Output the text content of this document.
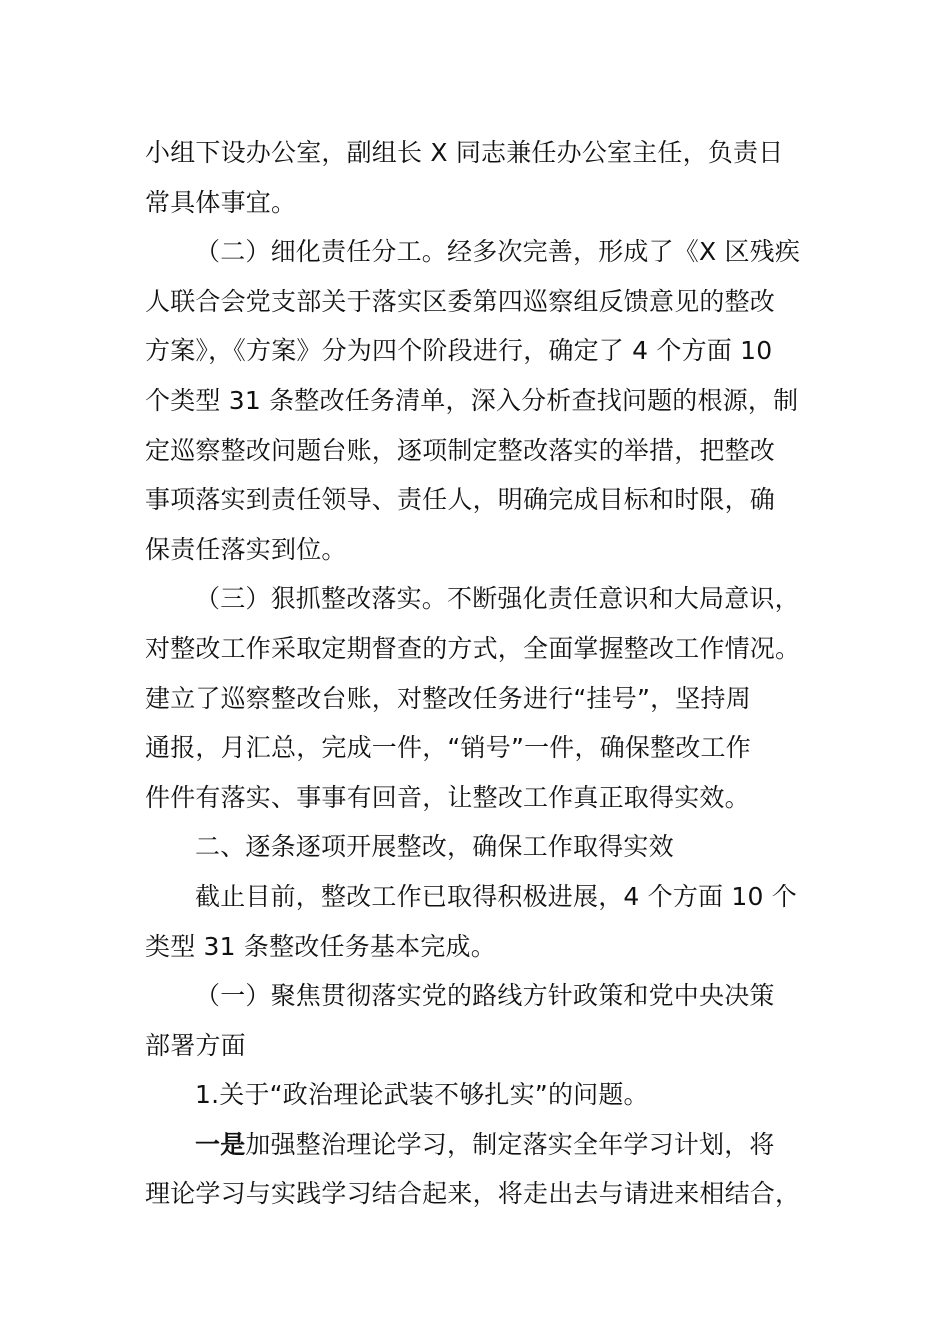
小组下设办公室，副组长 X 同志兼任办公室主任，负责日
常具体事宜。
（二）细化责任分工。经多次完善，形成了《X 区残疾
人联合会党支部关于落实区委第四巡察组反馈意见的整改
方案》，《方案》分为四个阶段进行，确定了 4 个方面 10
个类型 31 条整改任务清单，深入分析查找问题的根源，制
定巡察整改问题台账，逐项制定整改落实的举措，把整改
事项落实到责任领导、责任人，明确完成目标和时限，确
保责任落实到位。
（三）狠抓整改落实。不断强化责任意识和大局意识，
对整改工作采取定期督查的方式，全面掌握整改工作情况。
建立了巡察整改台账，对整改任务进行“挂号”，坚持周
通报，月汇总，完成一件，“销号”一件，确保整改工作
件件有落实、事事有回音，让整改工作真正取得实效。
二、逐条逐项开展整改，确保工作取得实效
截止目前，整改工作已取得积极进展，4 个方面 10 个
类型 31 条整改任务基本完成。
（一）聚焦贯彻落实党的路线方针政策和党中央决策
部署方面
1.关于“政治理论武装不够扎实”的问题。
一是加强整治理论学习，制定落实全年学习计划，将
理论学习与实践学习结合起来，将走出去与请进来相结合，
